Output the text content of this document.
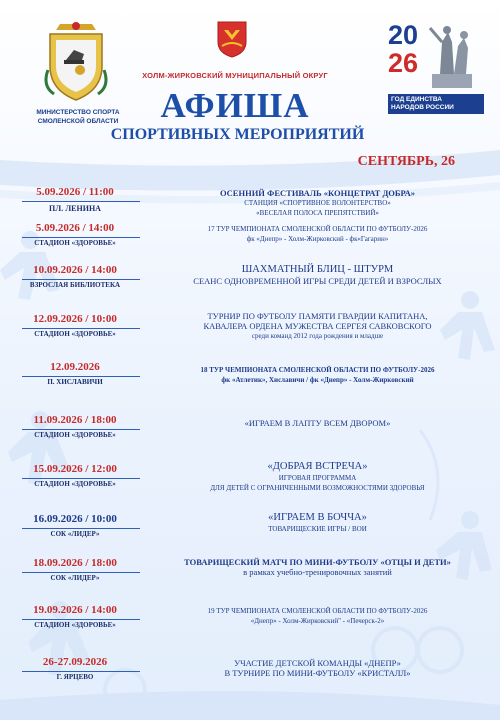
МИНИСТЕРСТВО СПОРТА СМОЛЕНСКОЙ ОБЛАСТИ
ХОЛМ-ЖИРКОВСКИЙ МУНИЦИПАЛЬНЫЙ ОКРУГ
АФИША
СПОРТИВНЫХ МЕРОПРИЯТИЙ
СЕНТЯБРЬ, 26
20
26
ГОД ЕДИНСТВА
НАРОДОВ РОССИИ
5.09.2026 / 11:00
ПЛ. ЛЕНИНА
ОСЕННИЙ ФЕСТИВАЛЬ «КОНЦЕТРАТ ДОБРА»
СТАНЦИЯ «СПОРТИВНОЕ ВОЛОНТЕРСТВО»
«ВЕСЕЛАЯ ПОЛОСА ПРЕПЯТСТВИЙ»
5.09.2026 / 14:00
СТАДИОН «ЗДОРОВЬЕ»
17 ТУР ЧЕМПИОНАТА СМОЛЕНСКОЙ ОБЛАСТИ ПО ФУТБОЛУ-2026
фк «Днепр» - Холм-Жирковский - фк«Гагарин»
10.09.2026 / 14:00
ВЗРОСЛАЯ БИБЛИОТЕКА
ШАХМАТНЫЙ БЛИЦ - ШТУРМ
СЕАНС ОДНОВРЕМЕННОЙ ИГРЫ СРЕДИ ДЕТЕЙ И ВЗРОСЛЫХ
12.09.2026 / 10:00
СТАДИОН «ЗДОРОВЬЕ»
ТУРНИР ПО ФУТБОЛУ ПАМЯТИ ГВАРДИИ КАПИТАНА,
КАВАЛЕРА ОРДЕНА МУЖЕСТВА СЕРГЕЯ САВКОВСКОГО
среди команд 2012 года рождения и младше
12.09.2026
П. ХИСЛАВИЧИ
18 ТУР ЧЕМПИОНАТА СМОЛЕНСКОЙ ОБЛАСТИ ПО ФУТБОЛУ-2026
фк «Атлетик», Хиславичи / фк «Днепр» - Холм-Жирковский
11.09.2026 / 18:00
СТАДИОН «ЗДОРОВЬЕ»
«ИГРАЕМ В ЛАПТУ ВСЕМ ДВОРОМ»
15.09.2026 / 12:00
СТАДИОН «ЗДОРОВЬЕ»
«ДОБРАЯ ВСТРЕЧА»
ИГРОВАЯ ПРОГРАММА
ДЛЯ ДЕТЕЙ С ОГРАНИЧЕННЫМИ ВОЗМОЖНОСТЯМИ ЗДОРОВЬЯ
16.09.2026 / 10:00
СОК «ЛИДЕР»
«ИГРАЕМ В БОЧЧА»
ТОВАРИЩЕСКИЕ ИГРЫ / ВОИ
18.09.2026 / 18:00
СОК «ЛИДЕР»
ТОВАРИЩЕСКИЙ МАТЧ ПО МИНИ-ФУТБОЛУ «ОТЦЫ И ДЕТИ»
в рамках учебно-тренировочных занятий
19.09.2026 / 14:00
СТАДИОН «ЗДОРОВЬЕ»
19 ТУР ЧЕМПИОНАТА СМОЛЕНСКОЙ ОБЛАСТИ ПО ФУТБОЛУ-2026
«Днепр» - Холм-Жирковский" - «Печерск-2»
26-27.09.2026
Г. ЯРЦЕВО
УЧАСТИЕ ДЕТСКОЙ КОМАНДЫ «ДНЕПР»
В ТУРНИРЕ ПО МИНИ-ФУТБОЛУ «КРИСТАЛЛ»
